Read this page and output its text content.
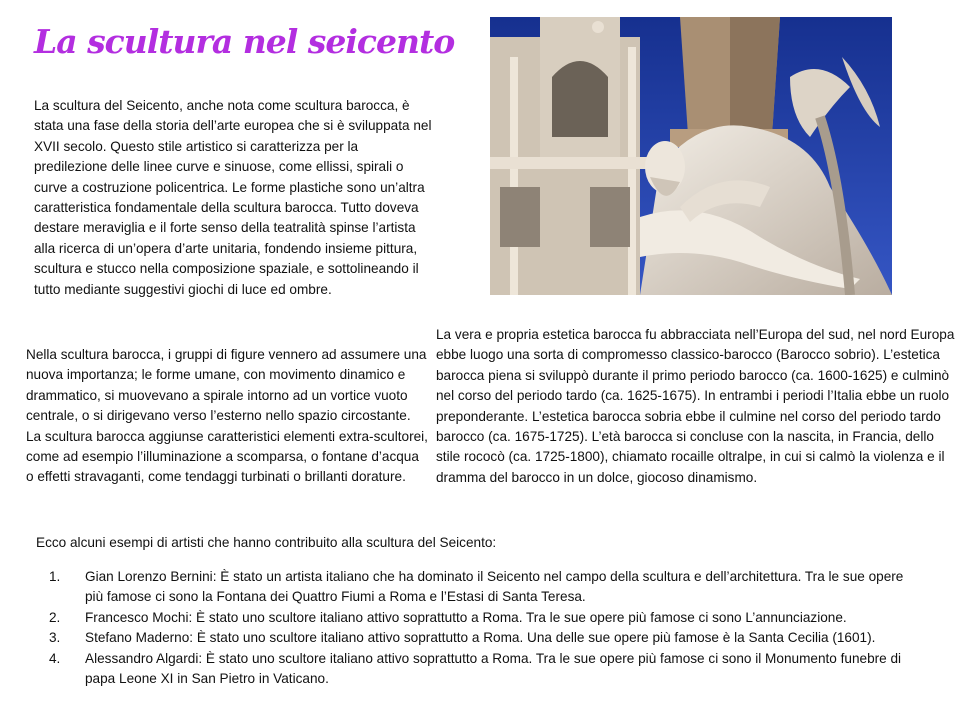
La scultura nel seicento

La scultura del Seicento, anche nota come scultura barocca, è stata una fase della storia dell’arte europea che si è sviluppata nel XVII secolo. Questo stile artistico si caratterizza per la predilezione delle linee curve e sinuose, come ellissi, spirali o curve a costruzione policentrica. Le forme plastiche sono un’altra caratteristica fondamentale della scultura barocca. Tutto doveva destare meraviglia e il forte senso della teatralità spinse l’artista alla ricerca di un’opera d’arte unitaria, fondendo insieme pittura, scultura e stucco nella composizione spaziale, e sottolineando il tutto mediante suggestivi giochi di luce ed ombre.

Nella scultura barocca, i gruppi di figure vennero ad assumere una nuova importanza; le forme umane, con movimento dinamico e drammatico, si muovevano a spirale intorno ad un vortice vuoto centrale, o si dirigevano verso l’esterno nello spazio circostante. La scultura barocca aggiunse caratteristici elementi extra-scultorei, come ad esempio l’illuminazione a scomparsa, o fontane d’acqua o effetti stravaganti, come tendaggi turbinati o brillanti dorature.

La vera e propria estetica barocca fu abbracciata nell’Europa del sud, nel nord Europa ebbe luogo una sorta di compromesso classico-barocco (Barocco sobrio). L’estetica barocca piena si sviluppò durante il primo periodo barocco (ca. 1600-1625) e culminò nel corso del periodo tardo (ca. 1625-1675). In entrambi i periodi l’Italia ebbe un ruolo preponderante. L’estetica barocca sobria ebbe il culmine nel corso del periodo tardo barocco (ca. 1675-1725). L’età barocca si concluse con la nascita, in Francia, dello stile rococò (ca. 1725-1800), chiamato rocaille oltralpe, in cui si calmò la violenza e il dramma del barocco in un dolce, giocoso dinamismo.

Ecco alcuni esempi di artisti che hanno contribuito alla scultura del Seicento:

1. Gian Lorenzo Bernini: È stato un artista italiano che ha dominato il Seicento nel campo della scultura e dell’architettura. Tra le sue opere più famose ci sono la Fontana dei Quattro Fiumi a Roma e l’Estasi di Santa Teresa.
2. Francesco Mochi: È stato uno scultore italiano attivo soprattutto a Roma. Tra le sue opere più famose ci sono L’annunciazione.
3. Stefano Maderno: È stato uno scultore italiano attivo soprattutto a Roma. Una delle sue opere più famose è la Santa Cecilia (1601).
4. Alessandro Algardi: È stato uno scultore italiano attivo soprattutto a Roma. Tra le sue opere più famose ci sono il Monumento funebre di papa Leone XI in San Pietro in Vaticano.
